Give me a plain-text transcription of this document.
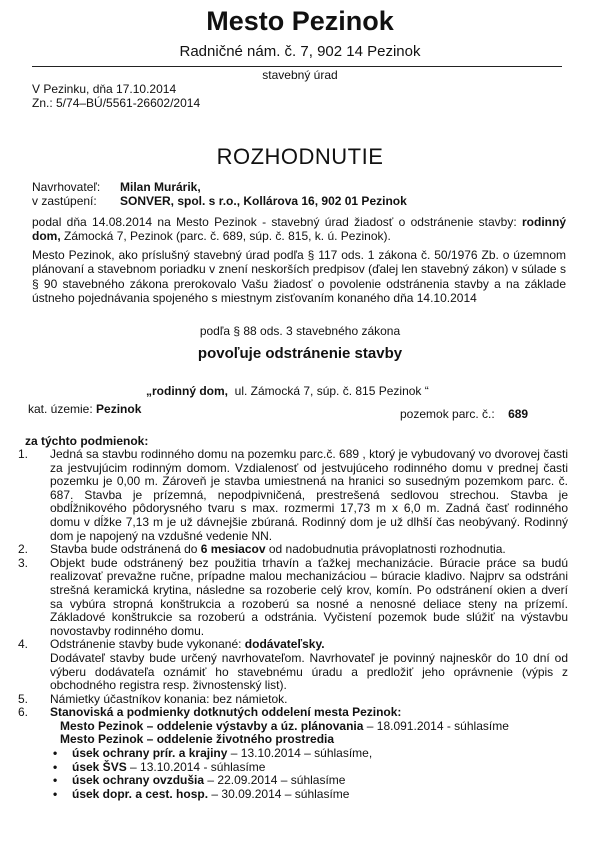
Mesto Pezinok
Radničné nám. č. 7, 902 14 Pezinok
stavebný úrad
V Pezinku, dňa 17.10.2014
Zn.: 5/74–BÚ/5561-26602/2014
ROZHODNUTIE
Navrhovateľ: Milan Murárik,
v zastúpení: SONVER, spol. s r.o., Kollárova 16, 902 01 Pezinok
podal dňa 14.08.2014 na Mesto Pezinok - stavebný úrad žiadosť o odstránenie stavby: rodinný dom, Zámocká 7, Pezinok (parc. č. 689, súp. č. 815, k. ú. Pezinok).
Mesto Pezinok, ako príslušný stavebný úrad podľa § 117 ods. 1 zákona č. 50/1976 Zb. o územnom plánovaní a stavebnom poriadku v znení neskorších predpisov (ďalej len stavebný zákon) v súlade s § 90 stavebného zákona prerokovalo Vašu žiadosť o povolenie odstránenia stavby a na základe ústneho pojednávania spojeného s miestnym zisťovaním konaného dňa 14.10.2014
podľa § 88 ods. 3 stavebného zákona
povoľuje odstránenie stavby
„rodinný dom, ul. Zámocká 7, súp. č. 815 Pezinok “
kat. územie: Pezinok	pozemok parc. č.: 689
za týchto podmienok:
1. Jedná sa stavbu rodinného domu na pozemku parc.č. 689 , ktorý je vybudovaný vo dvorovej časti za jestvujúcim rodinným domom. Vzdialenosť od jestvujúceho rodinného domu v prednej časti pozemku je 0,00 m. Zároveň je stavba umiestnená na hranici so susedným pozemkom parc. č. 687. Stavba je prízemná, nepodpivničená, prestrešená sedlovou strechou. Stavba je obdĺžnikového pôdorysného tvaru s max. rozmermi 17,73 m x 6,0 m. Zadná časť rodinného domu v dĺžke 7,13 m je už dávnejšie zbúraná. Rodinný dom je už dlhší čas neobývaný. Rodinný dom je napojený na vzdušné vedenie NN.
2. Stavba bude odstránená do 6 mesiacov od nadobudnutia právoplatnosti rozhodnutia.
3. Objekt bude odstránený bez použitia trhavín a ťažkej mechanizácie. Búracie práce sa budú realizovať prevažne ručne, prípadne malou mechanizáciou – búracie kladivo. Najprv sa odstráni strešná keramická krytina, následne sa rozoberie celý krov, komín. Po odstránení okien a dverí sa vybúra stropná konštrukcia a rozoberú sa nosné a nenosné deliace steny na prízemí. Základové konštrukcie sa rozoberú a odstránia. Vyčistení pozemok bude slúžiť na výstavbu novostavby rodinného domu.
4. Odstránenie stavby bude vykonané: dodávateľsky.
Dodávateľ stavby bude určený navrhovateľom. Navrhovateľ je povinný najneskôr do 10 dní od výberu dodávateľa oznámiť ho stavebnému úradu a predložiť jeho oprávnenie (výpis z obchodného registra resp. živnostenský list).
5. Námietky účastníkov konania: bez námietok.
6. Stanoviská a podmienky dotknutých oddelení mesta Pezinok:
Mesto Pezinok – oddelenie výstavby a úz. plánovania – 18.091.2014 - súhlasíme
Mesto Pezinok – oddelenie životného prostredia
• úsek ochrany prír. a krajiny – 13.10.2014 – súhlasíme,
• úsek ŠVS – 13.10.2014 - súhlasíme
• úsek ochrany ovzdušia – 22.09.2014 – súhlasíme
• úsek dopr. a cest. hosp. – 30.09.2014 – súhlasíme
